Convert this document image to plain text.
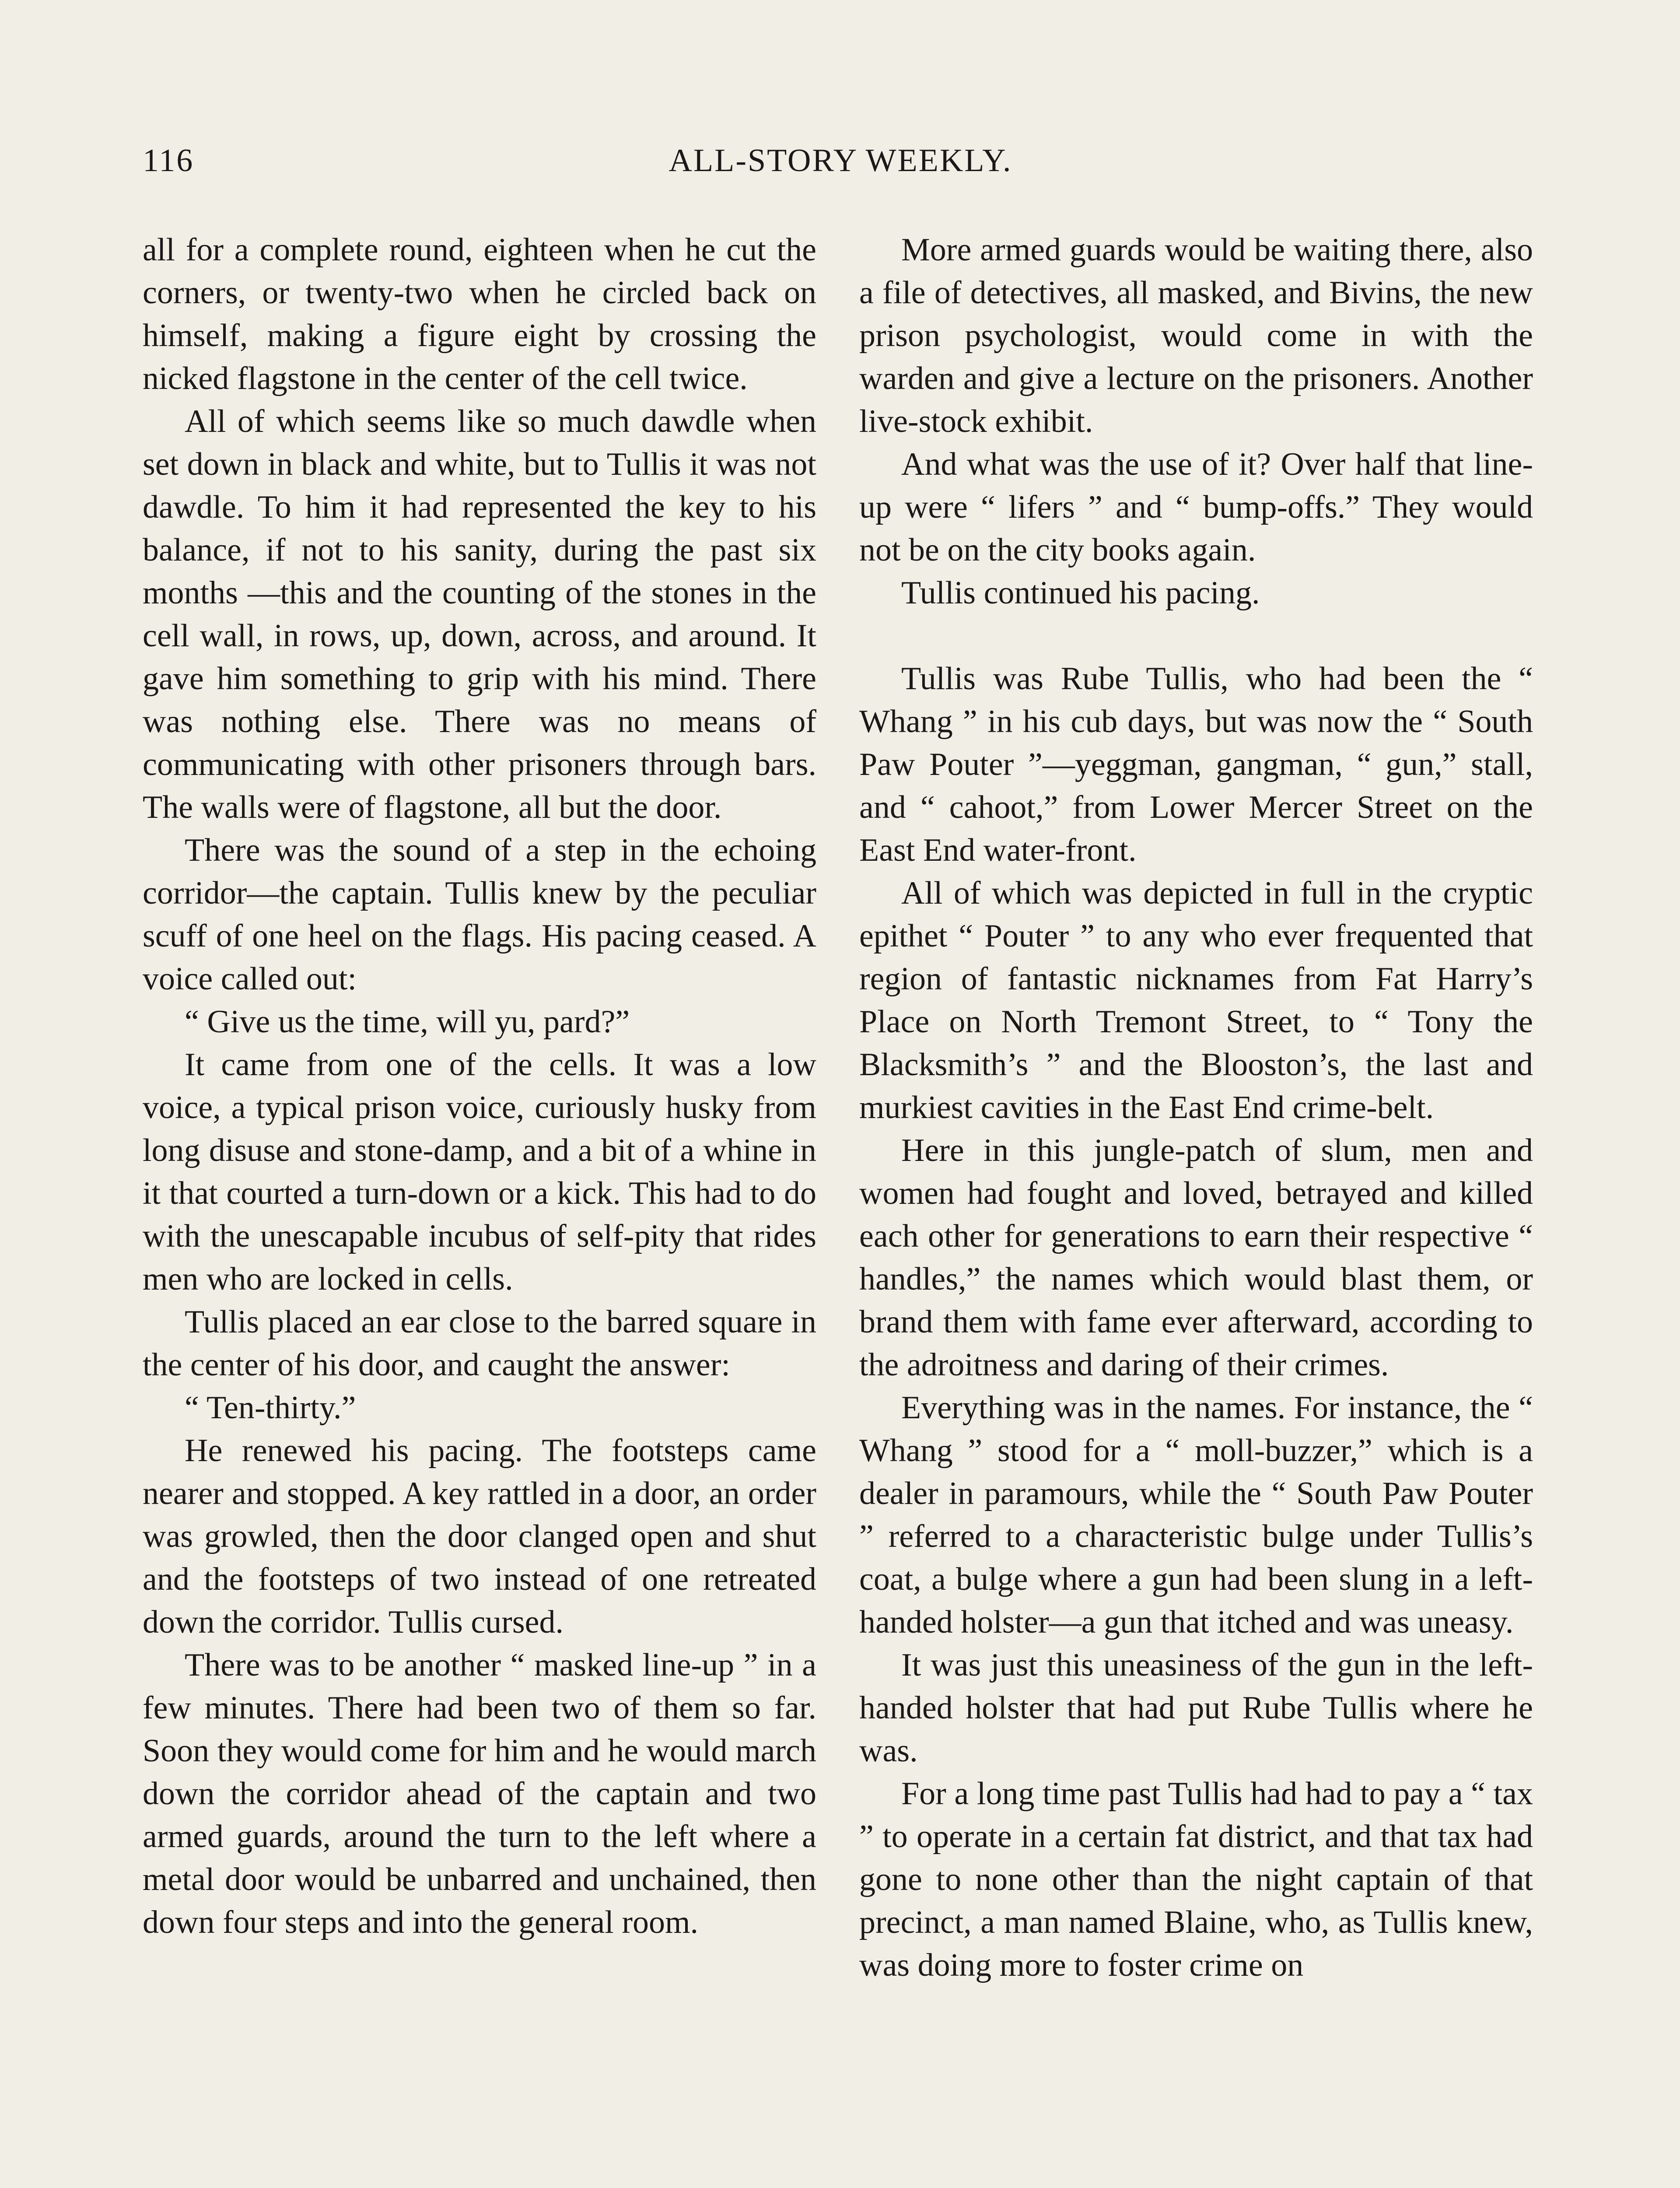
116	ALL-STORY WEEKLY.

all for a complete round, eighteen when he cut the corners, or twenty-two when he circled back on himself, making a figure eight by crossing the nicked flagstone in the center of the cell twice.

All of which seems like so much dawdle when set down in black and white, but to Tullis it was not dawdle. To him it had represented the key to his balance, if not to his sanity, during the past six months —this and the counting of the stones in the cell wall, in rows, up, down, across, and around. It gave him something to grip with his mind. There was nothing else. There was no means of communicating with other prisoners through bars. The walls were of flagstone, all but the door.

There was the sound of a step in the echoing corridor—the captain. Tullis knew by the peculiar scuff of one heel on the flags. His pacing ceased. A voice called out:

“ Give us the time, will yu, pard?”

It came from one of the cells. It was a low voice, a typical prison voice, curiously husky from long disuse and stone-damp, and a bit of a whine in it that courted a turn-down or a kick. This had to do with the unescapable incubus of self-pity that rides men who are locked in cells.

Tullis placed an ear close to the barred square in the center of his door, and caught the answer:

“ Ten-thirty.”

He renewed his pacing. The footsteps came nearer and stopped. A key rattled in a door, an order was growled, then the door clanged open and shut and the footsteps of two instead of one retreated down the corridor. Tullis cursed.

There was to be another “ masked line-up ” in a few minutes. There had been two of them so far. Soon they would come for him and he would march down the corridor ahead of the captain and two armed guards, around the turn to the left where a metal door would be unbarred and unchained, then down four steps and into the general room.

More armed guards would be waiting there, also a file of detectives, all masked, and Bivins, the new prison psychologist, would come in with the warden and give a lecture on the prisoners. Another live-stock exhibit.

And what was the use of it? Over half that line-up were “ lifers ” and “ bump-offs.” They would not be on the city books again.

Tullis continued his pacing.

Tullis was Rube Tullis, who had been the “ Whang ” in his cub days, but was now the “ South Paw Pouter ”—yeggman, gangman, “ gun,” stall, and “ cahoot,” from Lower Mercer Street on the East End water-front.

All of which was depicted in full in the cryptic epithet “ Pouter ” to any who ever frequented that region of fantastic nicknames from Fat Harry’s Place on North Tremont Street, to “ Tony the Blacksmith’s ” and the Blooston’s, the last and murkiest cavities in the East End crime-belt.

Here in this jungle-patch of slum, men and women had fought and loved, betrayed and killed each other for generations to earn their respective “ handles,” the names which would blast them, or brand them with fame ever afterward, according to the adroitness and daring of their crimes.

Everything was in the names. For instance, the “ Whang ” stood for a “ moll-buzzer,” which is a dealer in paramours, while the “ South Paw Pouter ” referred to a characteristic bulge under Tullis’s coat, a bulge where a gun had been slung in a left-handed holster—a gun that itched and was uneasy.

It was just this uneasiness of the gun in the left-handed holster that had put Rube Tullis where he was.

For a long time past Tullis had had to pay a “ tax ” to operate in a certain fat district, and that tax had gone to none other than the night captain of that precinct, a man named Blaine, who, as Tullis knew, was doing more to foster crime on
